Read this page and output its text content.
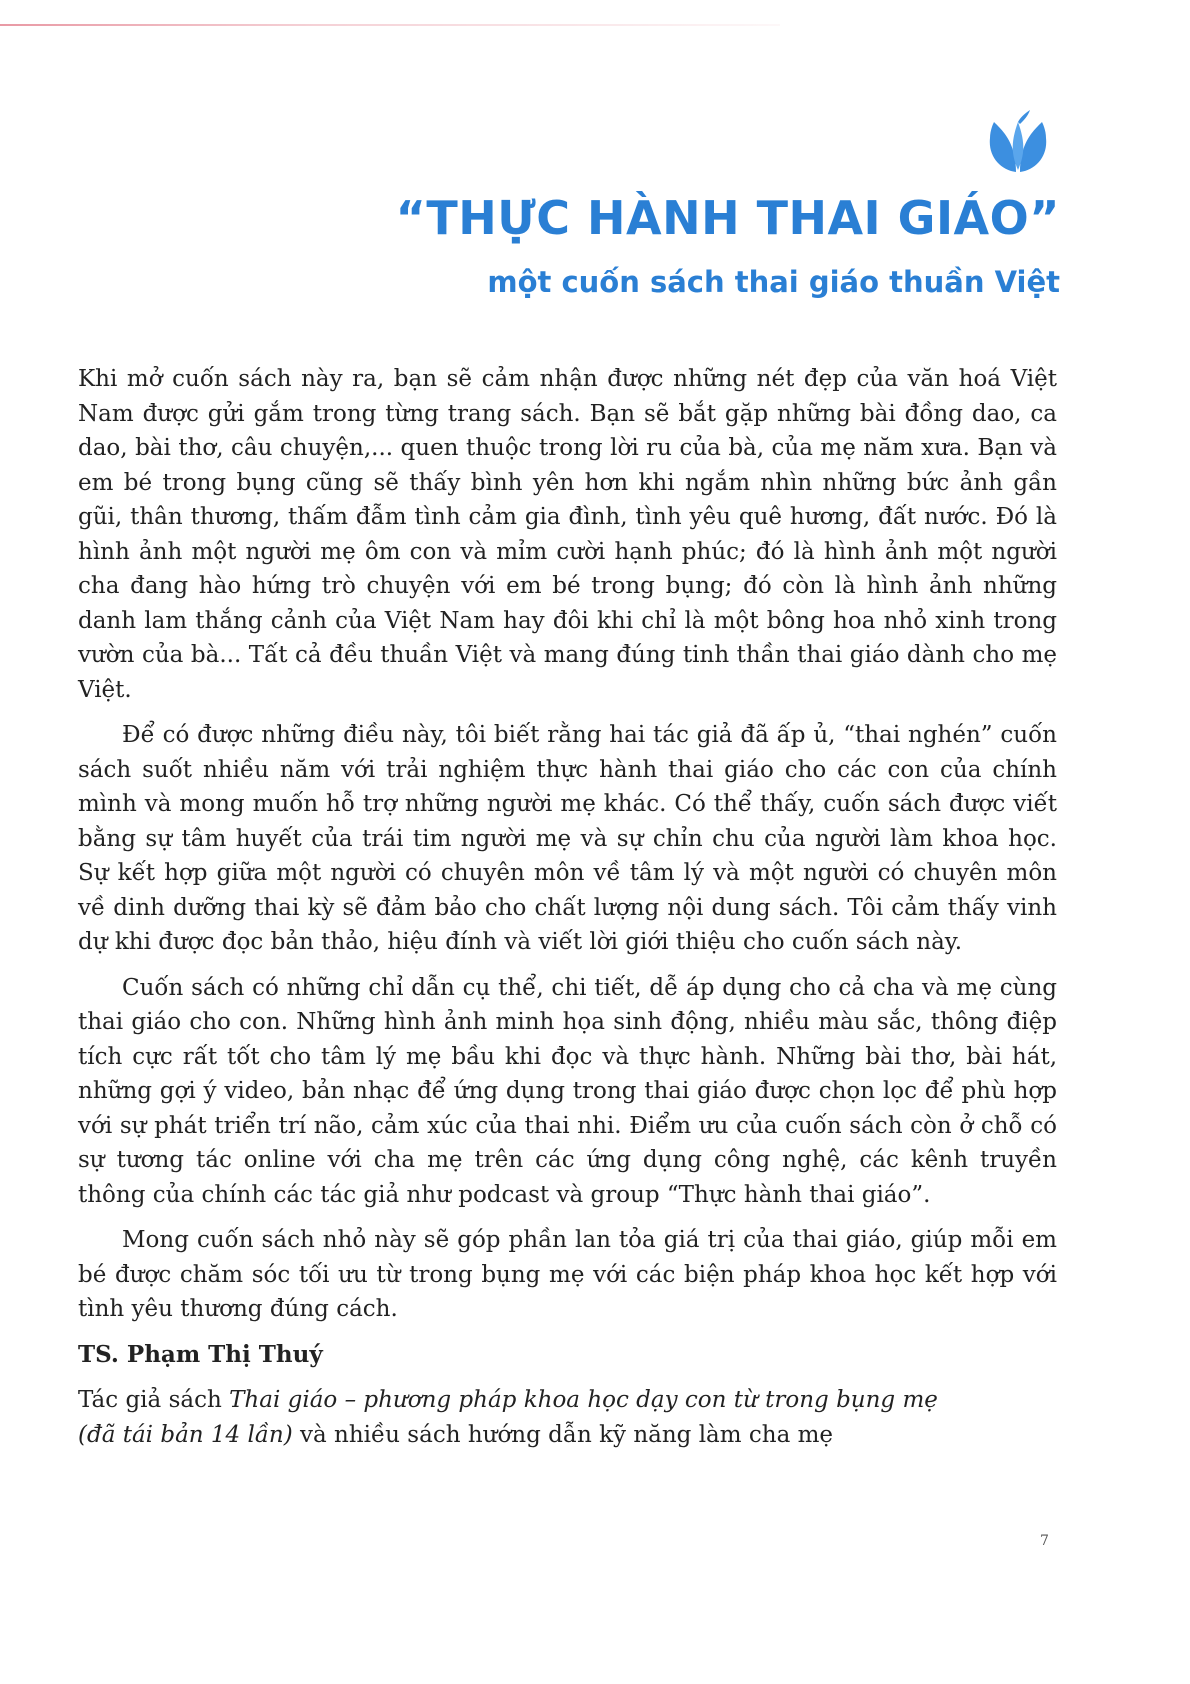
“THỰC HÀNH THAI GIÁO”
một cuốn sách thai giáo thuần Việt

Khi mở cuốn sách này ra, bạn sẽ cảm nhận được những nét đẹp của văn hoá Việt Nam được gửi gắm trong từng trang sách. Bạn sẽ bắt gặp những bài đồng dao, ca dao, bài thơ, câu chuyện,... quen thuộc trong lời ru của bà, của mẹ năm xưa. Bạn và em bé trong bụng cũng sẽ thấy bình yên hơn khi ngắm nhìn những bức ảnh gần gũi, thân thương, thấm đẫm tình cảm gia đình, tình yêu quê hương, đất nước. Đó là hình ảnh một người mẹ ôm con và mỉm cười hạnh phúc; đó là hình ảnh một người cha đang hào hứng trò chuyện với em bé trong bụng; đó còn là hình ảnh những danh lam thắng cảnh của Việt Nam hay đôi khi chỉ là một bông hoa nhỏ xinh trong vườn của bà... Tất cả đều thuần Việt và mang đúng tinh thần thai giáo dành cho mẹ Việt.

Để có được những điều này, tôi biết rằng hai tác giả đã ấp ủ, “thai nghén” cuốn sách suốt nhiều năm với trải nghiệm thực hành thai giáo cho các con của chính mình và mong muốn hỗ trợ những người mẹ khác. Có thể thấy, cuốn sách được viết bằng sự tâm huyết của trái tim người mẹ và sự chỉn chu của người làm khoa học. Sự kết hợp giữa một người có chuyên môn về tâm lý và một người có chuyên môn về dinh dưỡng thai kỳ sẽ đảm bảo cho chất lượng nội dung sách. Tôi cảm thấy vinh dự khi được đọc bản thảo, hiệu đính và viết lời giới thiệu cho cuốn sách này.

Cuốn sách có những chỉ dẫn cụ thể, chi tiết, dễ áp dụng cho cả cha và mẹ cùng thai giáo cho con. Những hình ảnh minh họa sinh động, nhiều màu sắc, thông điệp tích cực rất tốt cho tâm lý mẹ bầu khi đọc và thực hành. Những bài thơ, bài hát, những gợi ý video, bản nhạc để ứng dụng trong thai giáo được chọn lọc để phù hợp với sự phát triển trí não, cảm xúc của thai nhi. Điểm ưu của cuốn sách còn ở chỗ có sự tương tác online với cha mẹ trên các ứng dụng công nghệ, các kênh truyền thông của chính các tác giả như podcast và group “Thực hành thai giáo”.

Mong cuốn sách nhỏ này sẽ góp phần lan tỏa giá trị của thai giáo, giúp mỗi em bé được chăm sóc tối ưu từ trong bụng mẹ với các biện pháp khoa học kết hợp với tình yêu thương đúng cách.

TS. Phạm Thị Thuý

Tác giả sách Thai giáo – phương pháp khoa học dạy con từ trong bụng mẹ
(đã tái bản 14 lần) và nhiều sách hướng dẫn kỹ năng làm cha mẹ

7
